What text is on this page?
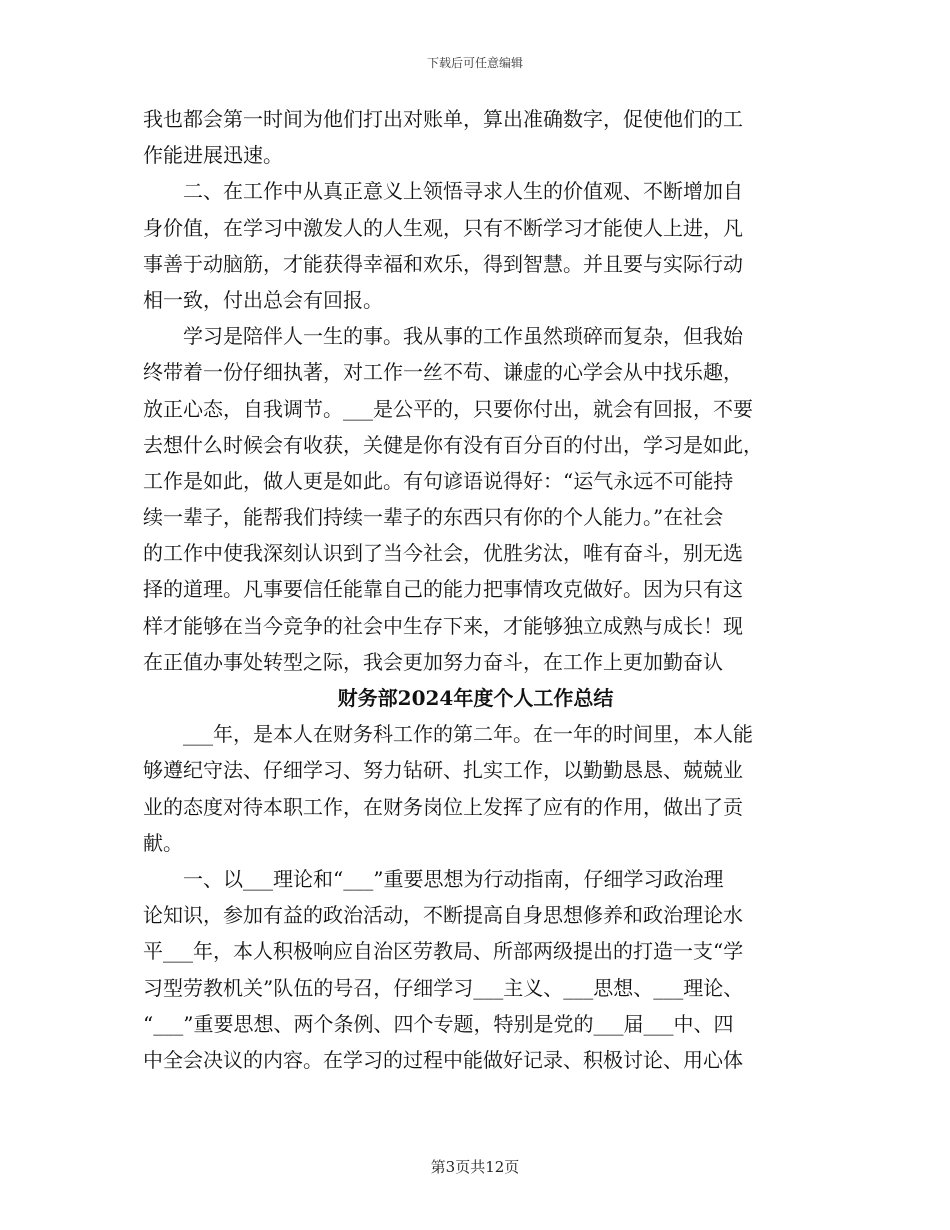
下载后可任意编辑
我也都会第一时间为他们打出对账单，算出准确数字，促使他们的工
作能进展迅速。
二、在工作中从真正意义上领悟寻求人生的价值观、不断增加自
身价值，在学习中激发人的人生观，只有不断学习才能使人上进，凡
事善于动脑筋，才能获得幸福和欢乐，得到智慧。并且要与实际行动
相一致，付出总会有回报。
学习是陪伴人一生的事。我从事的工作虽然琐碎而复杂，但我始
终带着一份仔细执著，对工作一丝不苟、谦虚的心学会从中找乐趣，
放正心态，自我调节。___是公平的，只要你付出，就会有回报，不要
去想什么时候会有收获，关健是你有没有百分百的付出，学习是如此，
工作是如此，做人更是如此。有句谚语说得好：“运气永远不可能持
续一辈子，能帮我们持续一辈子的东西只有你的个人能力。”在社会
的工作中使我深刻认识到了当今社会，优胜劣汰，唯有奋斗，别无选
择的道理。凡事要信任能靠自己的能力把事情攻克做好。因为只有这
样才能够在当今竞争的社会中生存下来，才能够独立成熟与成长！现
在正值办事处转型之际，我会更加努力奋斗，在工作上更加勤奋认
财务部2024年度个人工作总结
___年，是本人在财务科工作的第二年。在一年的时间里，本人能
够遵纪守法、仔细学习、努力钻研、扎实工作，以勤勤恳恳、兢兢业
业的态度对待本职工作，在财务岗位上发挥了应有的作用，做出了贡
献。
一、以___理论和“___”重要思想为行动指南，仔细学习政治理
论知识，参加有益的政治活动，不断提高自身思想修养和政治理论水
平___年，本人积极响应自治区劳教局、所部两级提出的打造一支“学
习型劳教机关”队伍的号召，仔细学习___主义、___思想、___理论、
“___”重要思想、两个条例、四个专题，特别是党的___届___中、四
中全会决议的内容。在学习的过程中能做好记录、积极讨论、用心体
第3页共12页
